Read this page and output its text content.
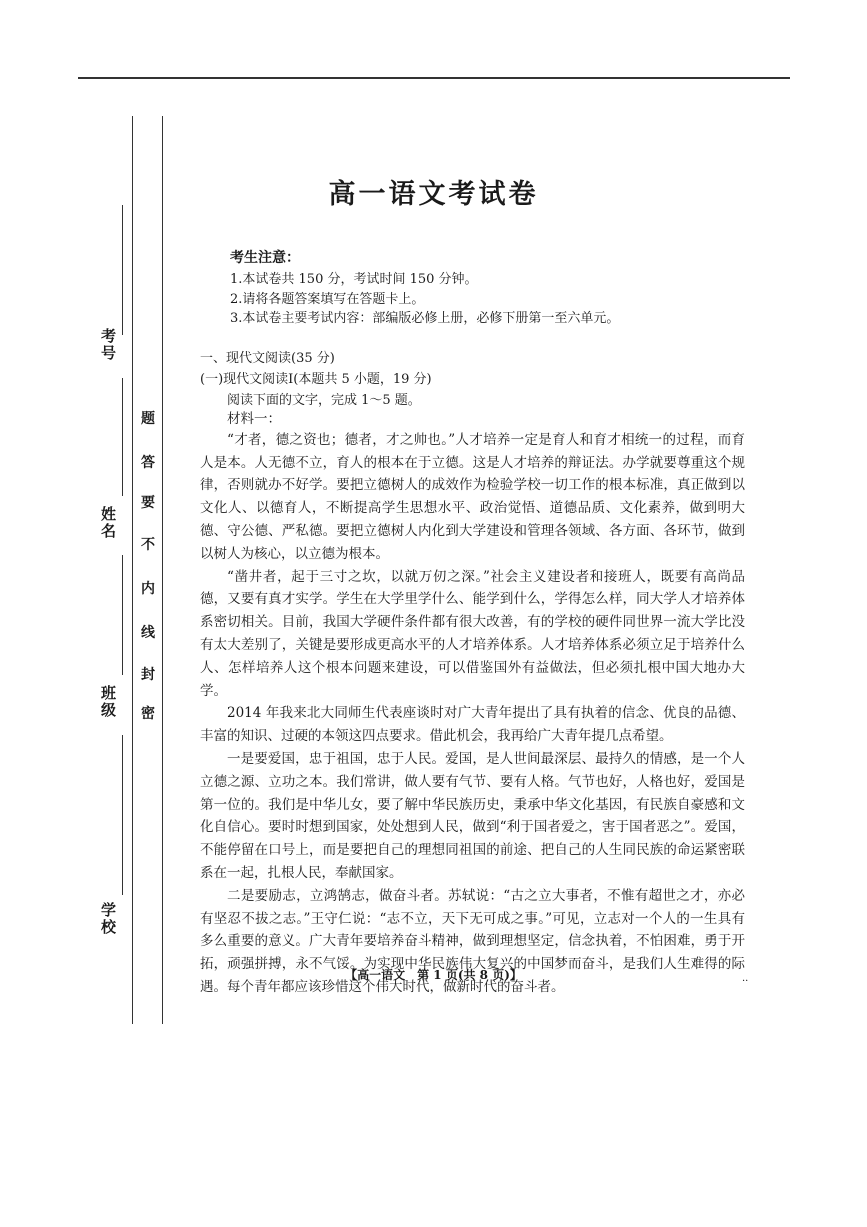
考号
姓名
班级
学校
题
答
要
不
内
线
封
密
高一语文考试卷
考生注意：
1.本试卷共 150 分，考试时间 150 分钟。
2.请将各题答案填写在答题卡上。
3.本试卷主要考试内容：部编版必修上册，必修下册第一至六单元。
一、现代文阅读(35 分)
(一)现代文阅读Ⅰ(本题共 5 小题，19 分)
阅读下面的文字，完成 1～5 题。

材料一：

“才者，德之资也；德者，才之帅也。”人才培养一定是育人和育才相统一的过程，而育人是本。人无德不立，育人的根本在于立德。这是人才培养的辩证法。办学就要尊重这个规律，否则就办不好学。要把立德树人的成效作为检验学校一切工作的根本标准，真正做到以文化人、以德育人，不断提高学生思想水平、政治觉悟、道德品质、文化素养，做到明大德、守公德、严私德。要把立德树人内化到大学建设和管理各领域、各方面、各环节，做到以树人为核心，以立德为根本。

“凿井者，起于三寸之坎，以就万仞之深。”社会主义建设者和接班人，既要有高尚品德，又要有真才实学。学生在大学里学什么、能学到什么，学得怎么样，同大学人才培养体系密切相关。目前，我国大学硬件条件都有很大改善，有的学校的硬件同世界一流大学比没有太大差别了，关键是要形成更高水平的人才培养体系。人才培养体系必须立足于培养什么人、怎样培养人这个根本问题来建设，可以借鉴国外有益做法，但必须扎根中国大地办大学。

2014 年我来北大同师生代表座谈时对广大青年提出了具有执着的信念、优良的品德、丰富的知识、过硬的本领这四点要求。借此机会，我再给广大青年提几点希望。

一是要爱国，忠于祖国，忠于人民。爱国，是人世间最深层、最持久的情感，是一个人立德之源、立功之本。我们常讲，做人要有气节、要有人格。气节也好，人格也好，爱国是第一位的。我们是中华儿女，要了解中华民族历史，秉承中华文化基因，有民族自豪感和文化自信心。要时时想到国家，处处想到人民，做到“利于国者爱之，害于国者恶之”。爱国，不能停留在口号上，而是要把自己的理想同祖国的前途、把自己的人生同民族的命运紧密联系在一起，扎根人民，奉献国家。

二是要励志，立鸿鹄志，做奋斗者。苏轼说：“古之立大事者，不惟有超世之才，亦必有坚忍不拔之志。”王守仁说：“志不立，天下无可成之事。”可见，立志对一个人的一生具有多么重要的意义。广大青年要培养奋斗精神，做到理想坚定，信念执着，不怕困难，勇于开拓，顽强拼搏，永不气馁。为实现中华民族伟大复兴的中国梦而奋斗，是我们人生难得的际遇。每个青年都应该珍惜这个伟大时代，做新时代的奋斗者。

【高一语文　第 1 页(共 8 页)】	··
